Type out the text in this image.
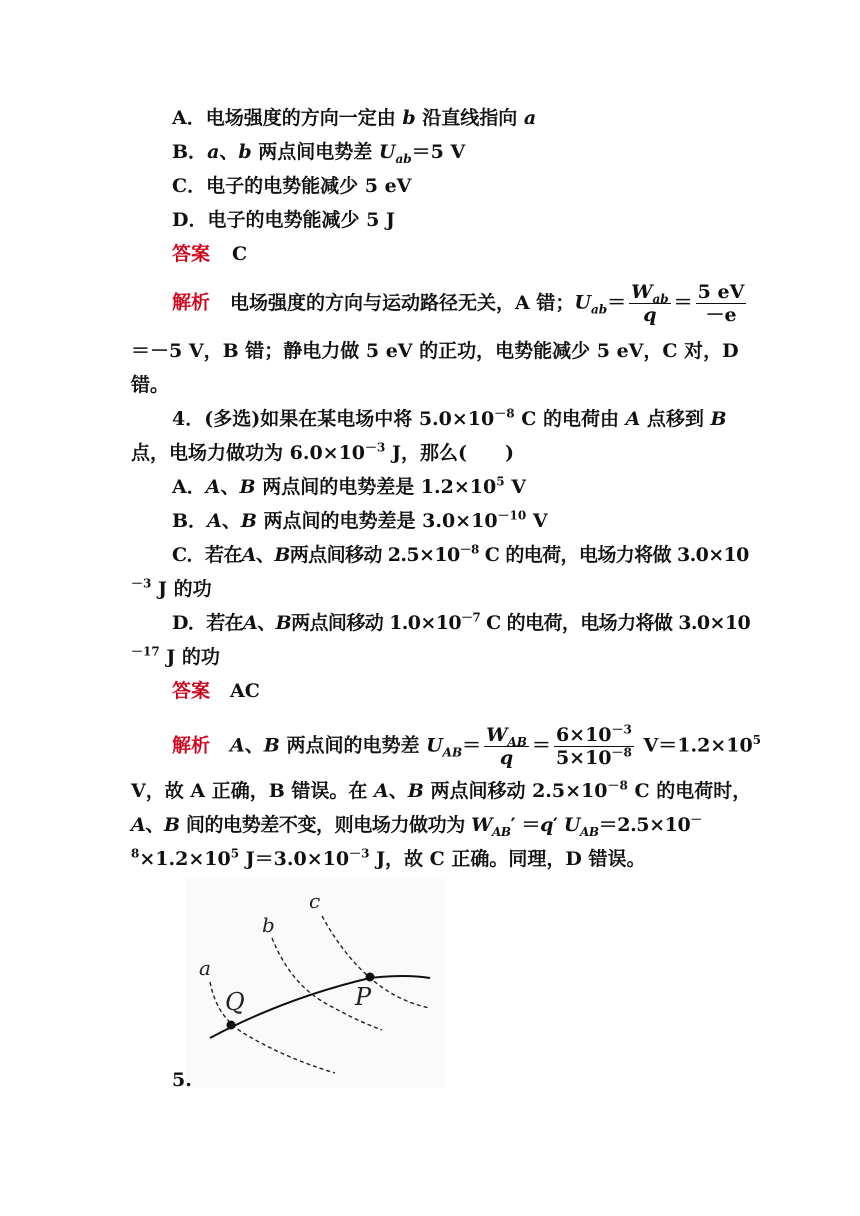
A．电场强度的方向一定由 b 沿直线指向 a
B．a、b 两点间电势差 $U_{ab}=5$ V
C．电子的电势能减少 5 eV
D．电子的电势能减少 5 J
答案 C
解析 电场强度的方向与运动路径无关，A 错；$U_{ab}= \frac{W_{ab}}{q} = \frac{5 eV}{-e}$
＝－5 V，B 错；静电力做 5 eV 的正功，电势能减少 5 eV，C 对，D
错。
4．(多选)如果在某电场中将 $5.0\times 10^{-8}$ C 的电荷由 A 点移到 B
点，电场力做功为 $6.0\times 10^{-3}$ J，那么(　　)
A．A、B 两点间的电势差是 $1.2\times 10^5$ V
B．A、B 两点间的电势差是 $3.0\times 10^{-10}$ V
C．若在A、B两点间移动 $2.5\times 10^{-8}$ C 的电荷，电场力将做 3.0×10
$^{-3}$ J 的功
D．若在A、B两点间移动 $1.0\times 10^{-7}$ C 的电荷，电场力将做 3.0×10
$^{-17}$ J 的功
答案 AC
解析 A、B 两点间的电势差 $U_{AB}= \frac{W_{AB}}{q} = \frac{6\times 10^{-3}}{5\times 10^{-8}} V=1.2\times 10^5$
V，故 A 正确，B 错误。在 A、B 两点间移动 $2.5\times 10^{-8}$ C 的电荷时，
A、B 间的电势差不变，则电场力做功为 $W_{AB}' =q'$ $U_{AB}=2.5\times 10^-$
$^8\times 1.2\times 10^5$ $J=3.0\times 10^{-3}$ J，故 C 正确。同理，D 错误。
a
b
c
Q	P
5.
